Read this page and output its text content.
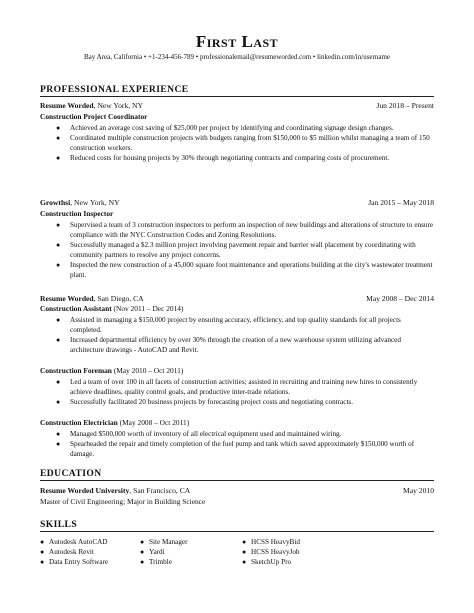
First Last
Bay Area, California • +1-234-456-789 • professionalemail@resumeworded.com • linkedin.com/in/username
PROFESSIONAL EXPERIENCE
Resume Worded, New York, NY	Jun 2018 – Present
Construction Project Coordinator
● Achieved an average cost saving of $25,000 per project by identifying and coordinating signage design changes.
● Coordinated multiple construction projects with budgets ranging from $150,000 to $5 million whilst managing a team of 150 construction workers.
● Reduced costs for housing projects by 30% through negotiating contracts and comparing costs of procurement.
Growthsi, New York, NY	Jan 2015 – May 2018
Construction Inspector
● Supervised a team of 3 construction inspectors to perform an inspection of new buildings and alterations of structure to ensure compliance with the NYC Construction Codes and Zoning Resolutions.
● Successfully managed a $2.3 million project involving pavement repair and barrier wall placement by coordinating with community partners to resolve any project concerns.
● Inspected the new construction of a 45,000 square foot maintenance and operations building at the city's wastewater treatment plant.
Resume Worded, San Diego, CA	May 2008 – Dec 2014
Construction Assistant (Nov 2011 – Dec 2014)
● Assisted in managing a $150,000 project by ensuring accuracy, efficiency, and top quality standards for all projects completed.
● Increased departmental efficiency by over 30% through the creation of a new warehouse system utilizing advanced architecture drawings - AutoCAD and Revit.
Construction Foreman (May 2010 – Oct 2011)
● Led a team of over 100 in all facets of construction activities; assisted in recruiting and training new hires to consistently achieve deadlines, quality control goals, and productive inter-trade relations.
● Successfully facilitated 20 business projects by forecasting project costs and negotiating contracts.
Construction Electrician (May 2008 – Oct 2011)
● Managed $500,000 worth of inventory of all electrical equipment used and maintained wiring.
● Spearheaded the repair and timely completion of the fuel pump and tank which saved approximately $150,000 worth of damage.
EDUCATION
Resume Worded University, San Francisco, CA	May 2010
Master of Civil Engineering; Major in Building Science
SKILLS
● Autodesk AutoCAD
● Autodesk Revit
● Data Entry Software
● Site Manager
● Yardi
● Trimble
● HCSS HeavyBid
● HCSS HeavyJob
● SketchUp Pro
